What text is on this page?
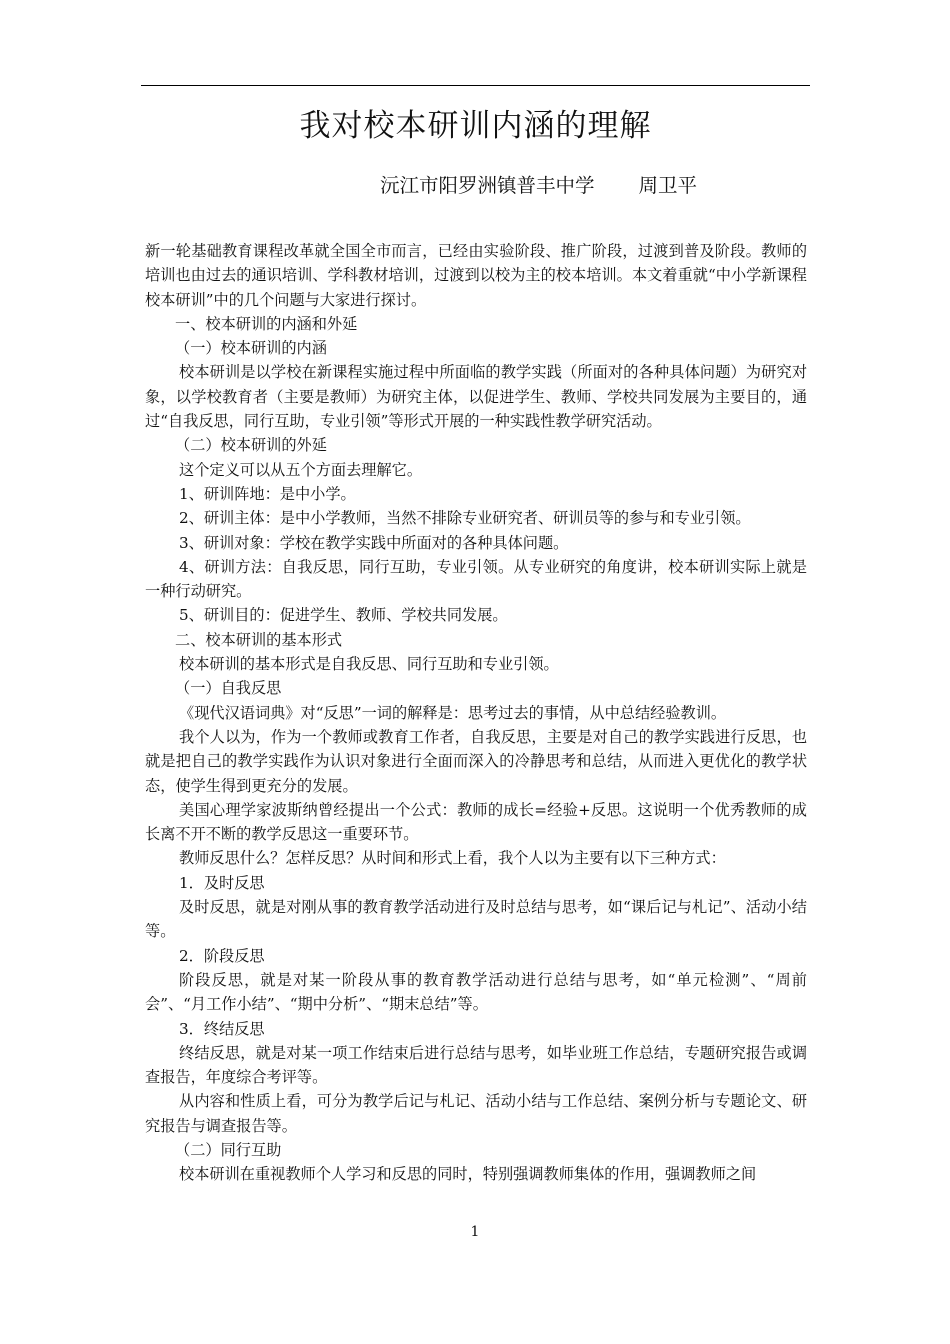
我对校本研训内涵的理解
沅江市阳罗洲镇普丰中学 周卫平

新一轮基础教育课程改革就全国全市而言，已经由实验阶段、推广阶段，过渡到普及阶段。教师的培训也由过去的通识培训、学科教材培训，过渡到以校为主的校本培训。本文着重就“中小学新课程校本研训”中的几个问题与大家进行探讨。

一、校本研训的内涵和外延

（一）校本研训的内涵

校本研训是以学校在新课程实施过程中所面临的教学实践（所面对的各种具体问题）为研究对象，以学校教育者（主要是教师）为研究主体，以促进学生、教师、学校共同发展为主要目的，通过“自我反思，同行互助，专业引领”等形式开展的一种实践性教学研究活动。

（二）校本研训的外延

这个定义可以从五个方面去理解它。

1、研训阵地：是中小学。

2、研训主体：是中小学教师，当然不排除专业研究者、研训员等的参与和专业引领。

3、研训对象：学校在教学实践中所面对的各种具体问题。

4、研训方法：自我反思，同行互助，专业引领。从专业研究的角度讲，校本研训实际上就是一种行动研究。

5、研训目的：促进学生、教师、学校共同发展。

二、校本研训的基本形式

校本研训的基本形式是自我反思、同行互助和专业引领。

（一）自我反思

《现代汉语词典》对“反思”一词的解释是：思考过去的事情，从中总结经验教训。

我个人以为，作为一个教师或教育工作者，自我反思，主要是对自己的教学实践进行反思，也就是把自己的教学实践作为认识对象进行全面而深入的冷静思考和总结，从而进入更优化的教学状态，使学生得到更充分的发展。

美国心理学家波斯纳曾经提出一个公式：教师的成长=经验+反思。这说明一个优秀教师的成长离不开不断的教学反思这一重要环节。

教师反思什么？怎样反思？从时间和形式上看，我个人以为主要有以下三种方式：

1．及时反思

及时反思，就是对刚从事的教育教学活动进行及时总结与思考，如“课后记与札记”、活动小结等。

2．阶段反思

阶段反思，就是对某一阶段从事的教育教学活动进行总结与思考，如“单元检测”、“周前会”、“月工作小结”、“期中分析”、“期末总结”等。

3．终结反思

终结反思，就是对某一项工作结束后进行总结与思考，如毕业班工作总结，专题研究报告或调查报告，年度综合考评等。

从内容和性质上看，可分为教学后记与札记、活动小结与工作总结、案例分析与专题论文、研究报告与调查报告等。

（二）同行互助

校本研训在重视教师个人学习和反思的同时，特别强调教师集体的作用，强调教师之间

1
